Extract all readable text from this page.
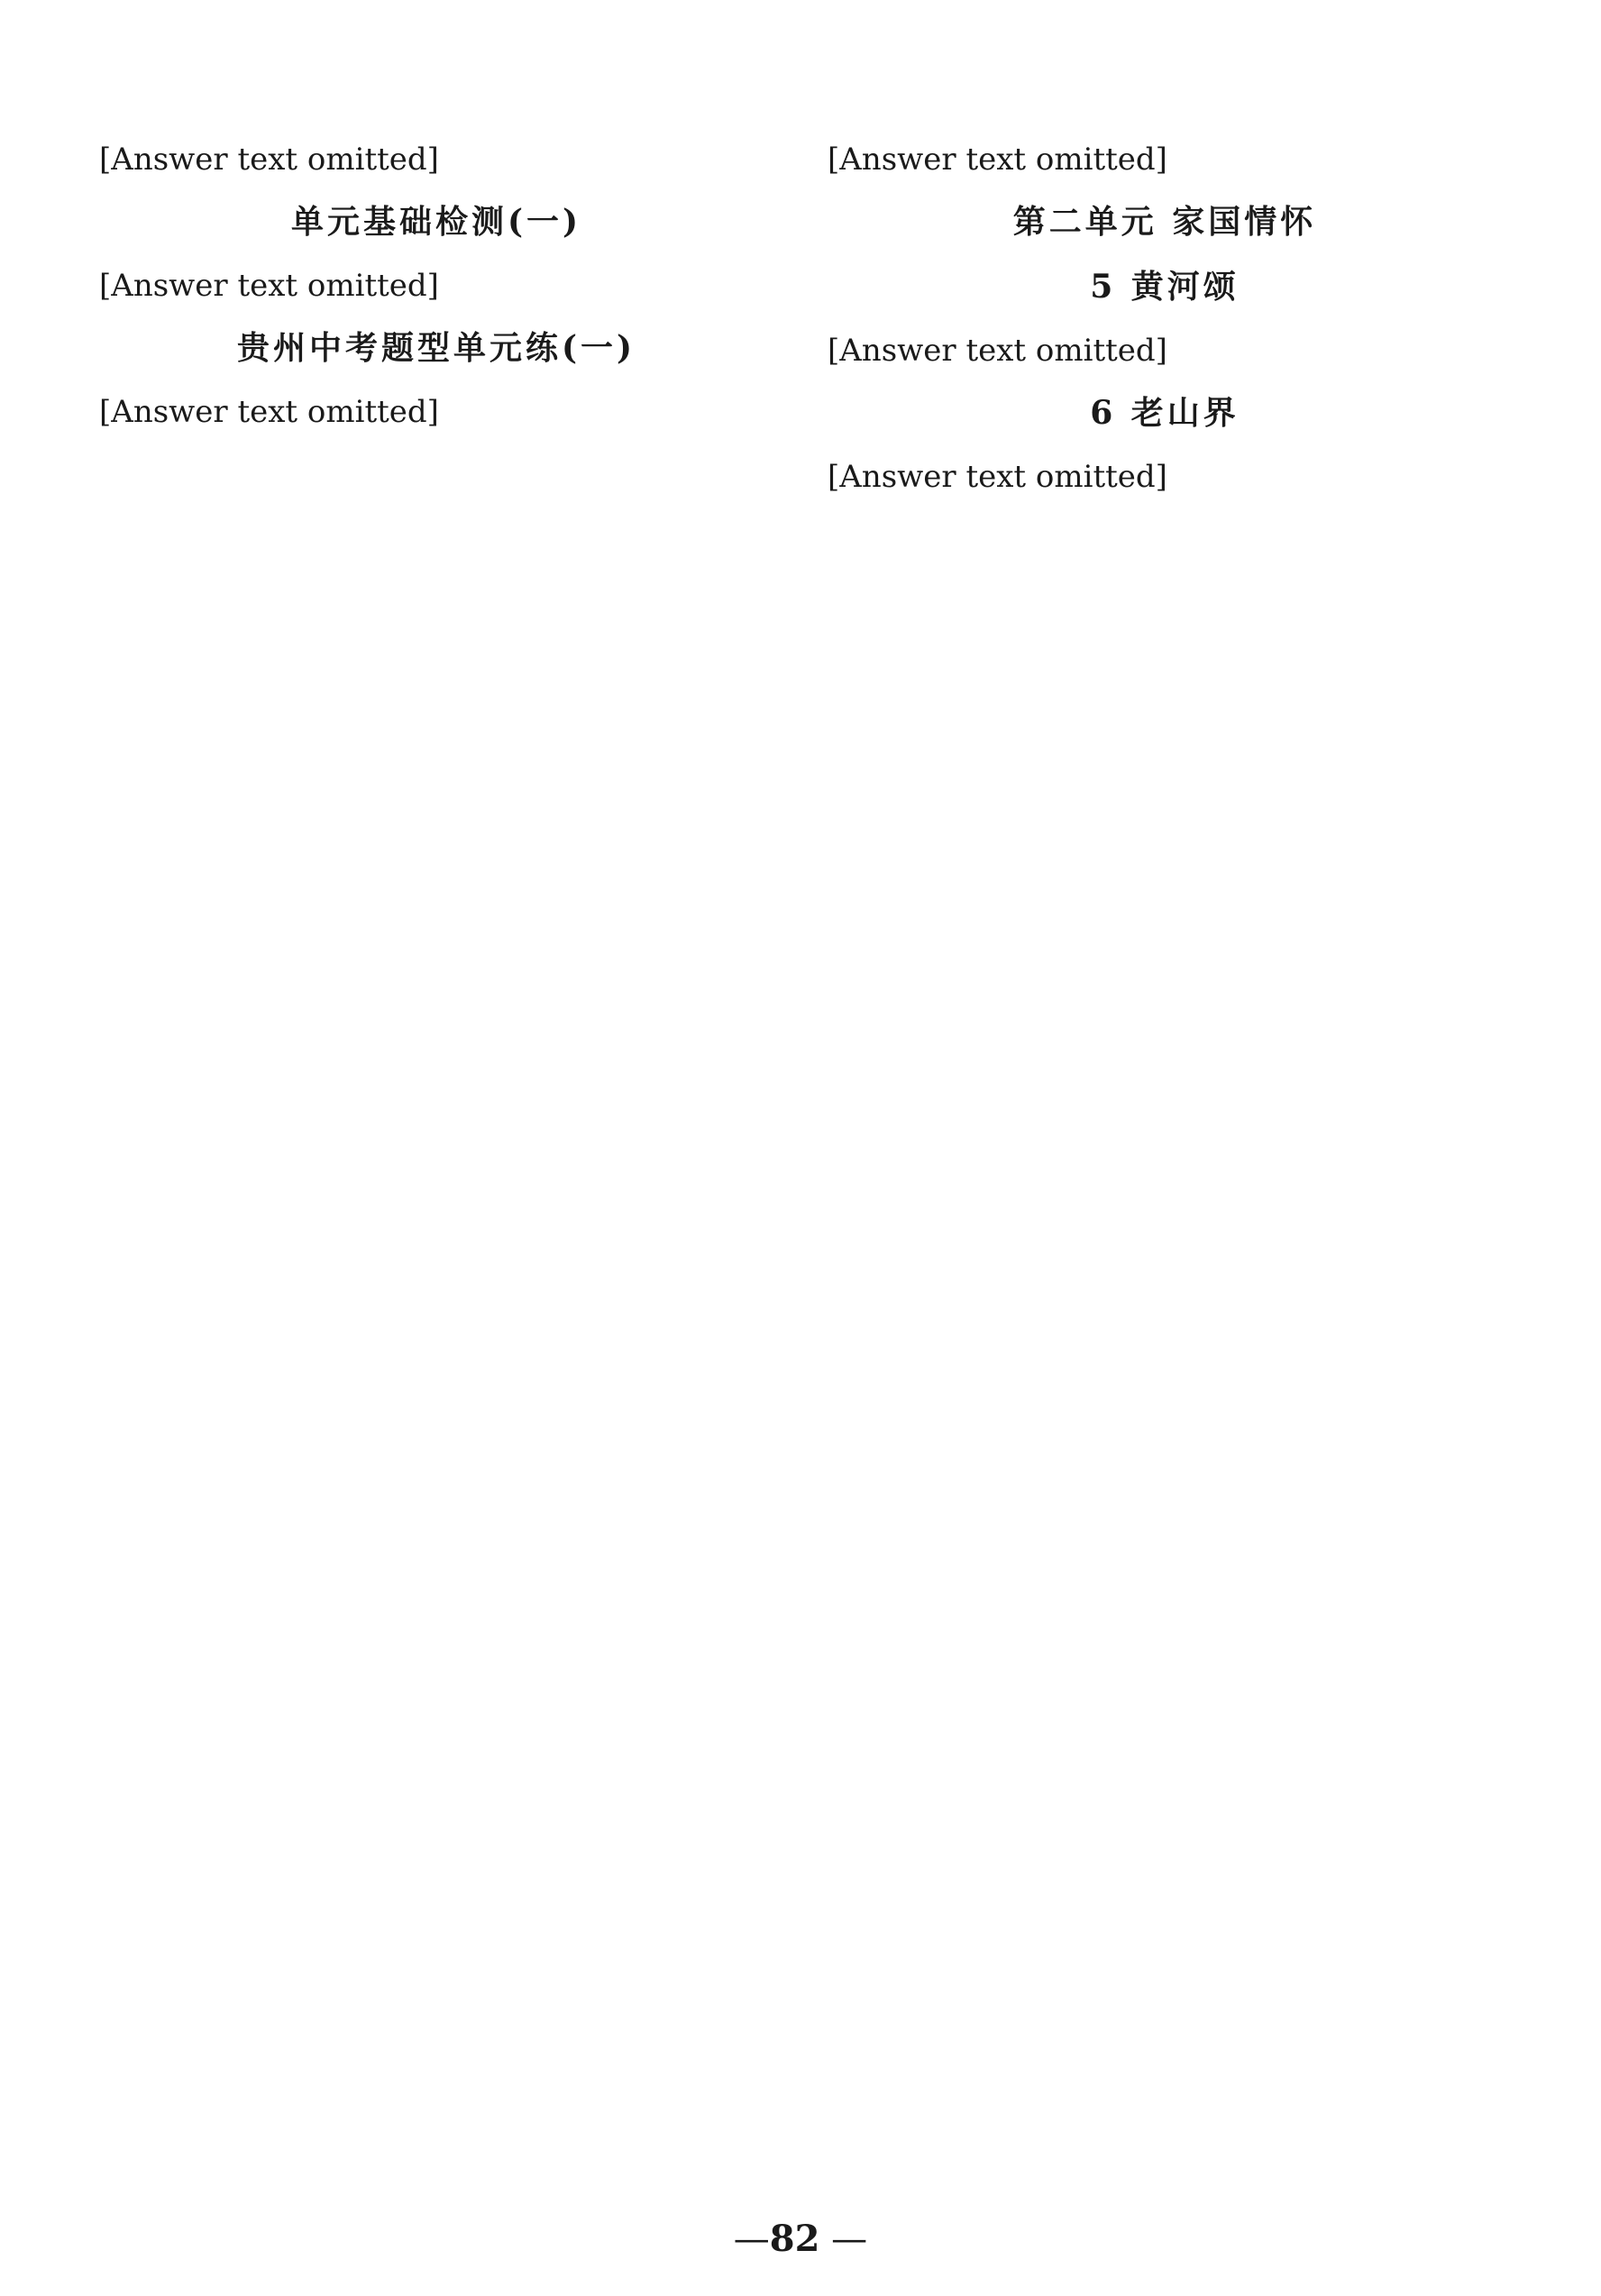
[Answer text omitted]

单元基础检测(一)

[Answer text omitted]

贵州中考题型单元练(一)

[Answer text omitted]

[Answer text omitted]

第二单元 家国情怀
5 黄河颂

[Answer text omitted]

6 老山界

[Answer text omitted]

— 82 —
